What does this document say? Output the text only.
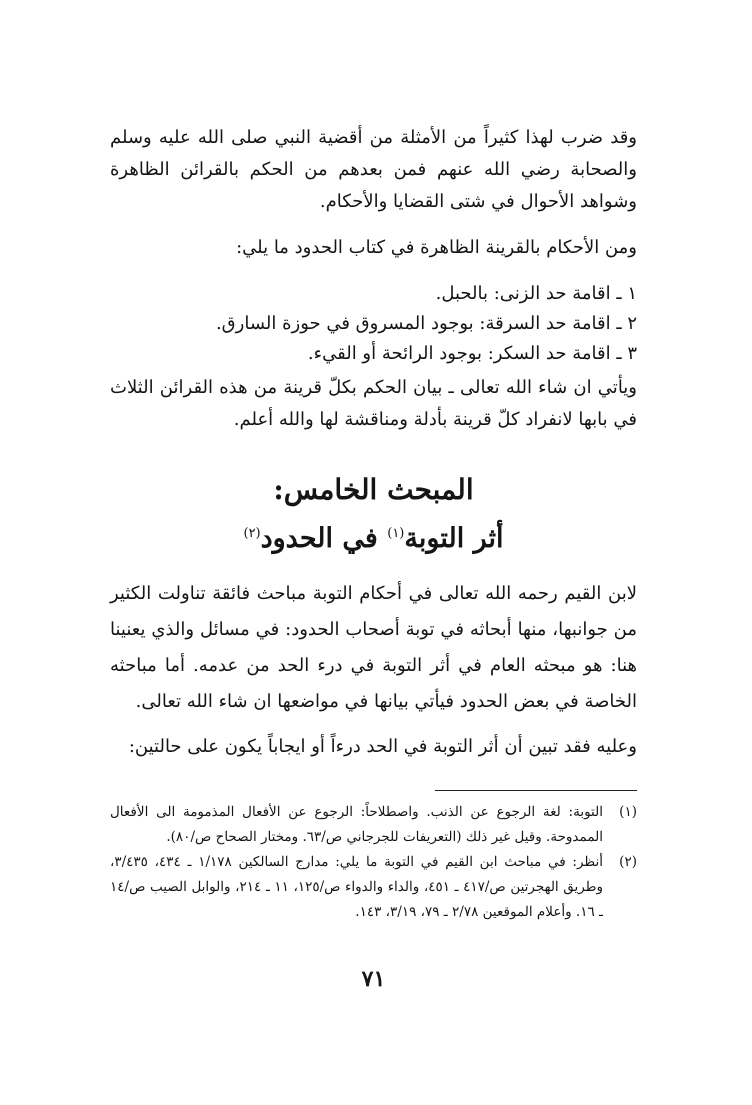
وقد ضرب لهذا كثيراً من الأمثلة من أقضية النبي صلى الله عليه وسلم والصحابة رضي الله عنهم فمن بعدهم من الحكم بالقرائن الظاهرة وشواهد الأحوال في شتى القضايا والأحكام.

ومن الأحكام بالقرينة الظاهرة في كتاب الحدود ما يلي:

١ ـ اقامة حد الزنى: بالحبل.
٢ ـ اقامة حد السرقة: بوجود المسروق في حوزة السارق.
٣ ـ اقامة حد السكر: بوجود الرائحة أو القيء.

ويأتي ان شاء الله تعالى ـ بيان الحكم بكلّ قرينة من هذه القرائن الثلاث في بابها لانفراد كلّ قرينة بأدلة ومناقشة لها والله أعلم.

المبحث الخامس:
أثر التوبة$^{(١)}$ في الحدود$^{(٢)}$

لابن القيم رحمه الله تعالى في أحكام التوبة مباحث فائقة تناولت الكثير من جوانبها، منها أبحاثه في توبة أصحاب الحدود: في مسائل والذي يعنينا هنا: هو مبحثه العام في أثر التوبة في درء الحد من عدمه. أما مباحثه الخاصة في بعض الحدود فيأتي بيانها في مواضعها ان شاء الله تعالى.

وعليه فقد تبين أن أثر التوبة في الحد درءاً أو ايجاباً يكون على حالتين:

(١)
التوبة: لغة الرجوع عن الذنب. واصطلاحاً: الرجوع عن الأفعال المذمومة الى الأفعال الممدوحة. وقيل غير ذلك (التعريفات للجرجاني ص/٦٣. ومختار الصحاح ص/٨٠).
(٢)
أنظر: في مباحث ابن القيم في التوبة ما يلي: مدارج السالكين ١/١٧٨ ـ ٤٣٤، ٣/٤٣٥، وطريق الهجرتين ص/٤١٧ ـ ٤٥١، والداء والدواء ص/١٢٥، ١١ ـ ٢١٤، والوابل الصيب ص/١٤ ـ ١٦. وأعلام الموقعين ٢/٧٨ ـ ٧٩، ٣/١٩، ١٤٣.
٧١
